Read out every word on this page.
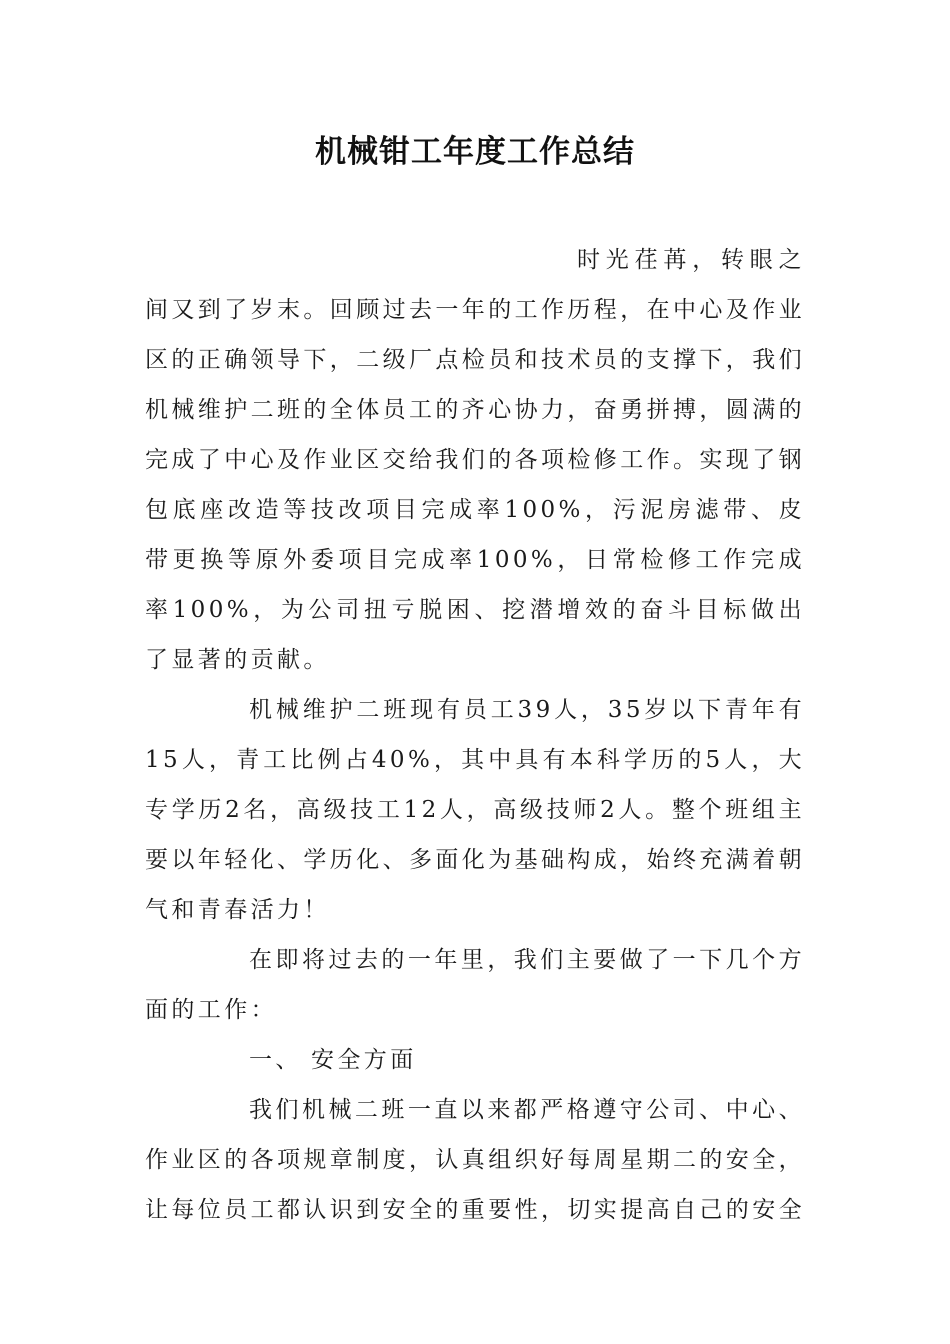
机械钳工年度工作总结

时光荏苒，转眼之间又到了岁末。回顾过去一年的工作历程，在中心及作业区的正确领导下，二级厂点检员和技术员的支撑下，我们机械维护二班的全体员工的齐心协力，奋勇拼搏，圆满的完成了中心及作业区交给我们的各项检修工作。实现了钢包底座改造等技改项目完成率100%，污泥房滤带、皮带更换等原外委项目完成率100%，日常检修工作完成率100%，为公司扭亏脱困、挖潜增效的奋斗目标做出了显著的贡献。

机械维护二班现有员工39人，35岁以下青年有15人，青工比例占40%，其中具有本科学历的5人，大专学历2名，高级技工12人，高级技师2人。整个班组主要以年轻化、学历化、多面化为基础构成，始终充满着朝气和青春活力！

在即将过去的一年里，我们主要做了一下几个方面的工作：

一、 安全方面

我们机械二班一直以来都严格遵守公司、中心、作业区的各项规章制度，认真组织好每周星期二的安全，让每位员工都认识到安全的重要性，切实提高自己的安全
